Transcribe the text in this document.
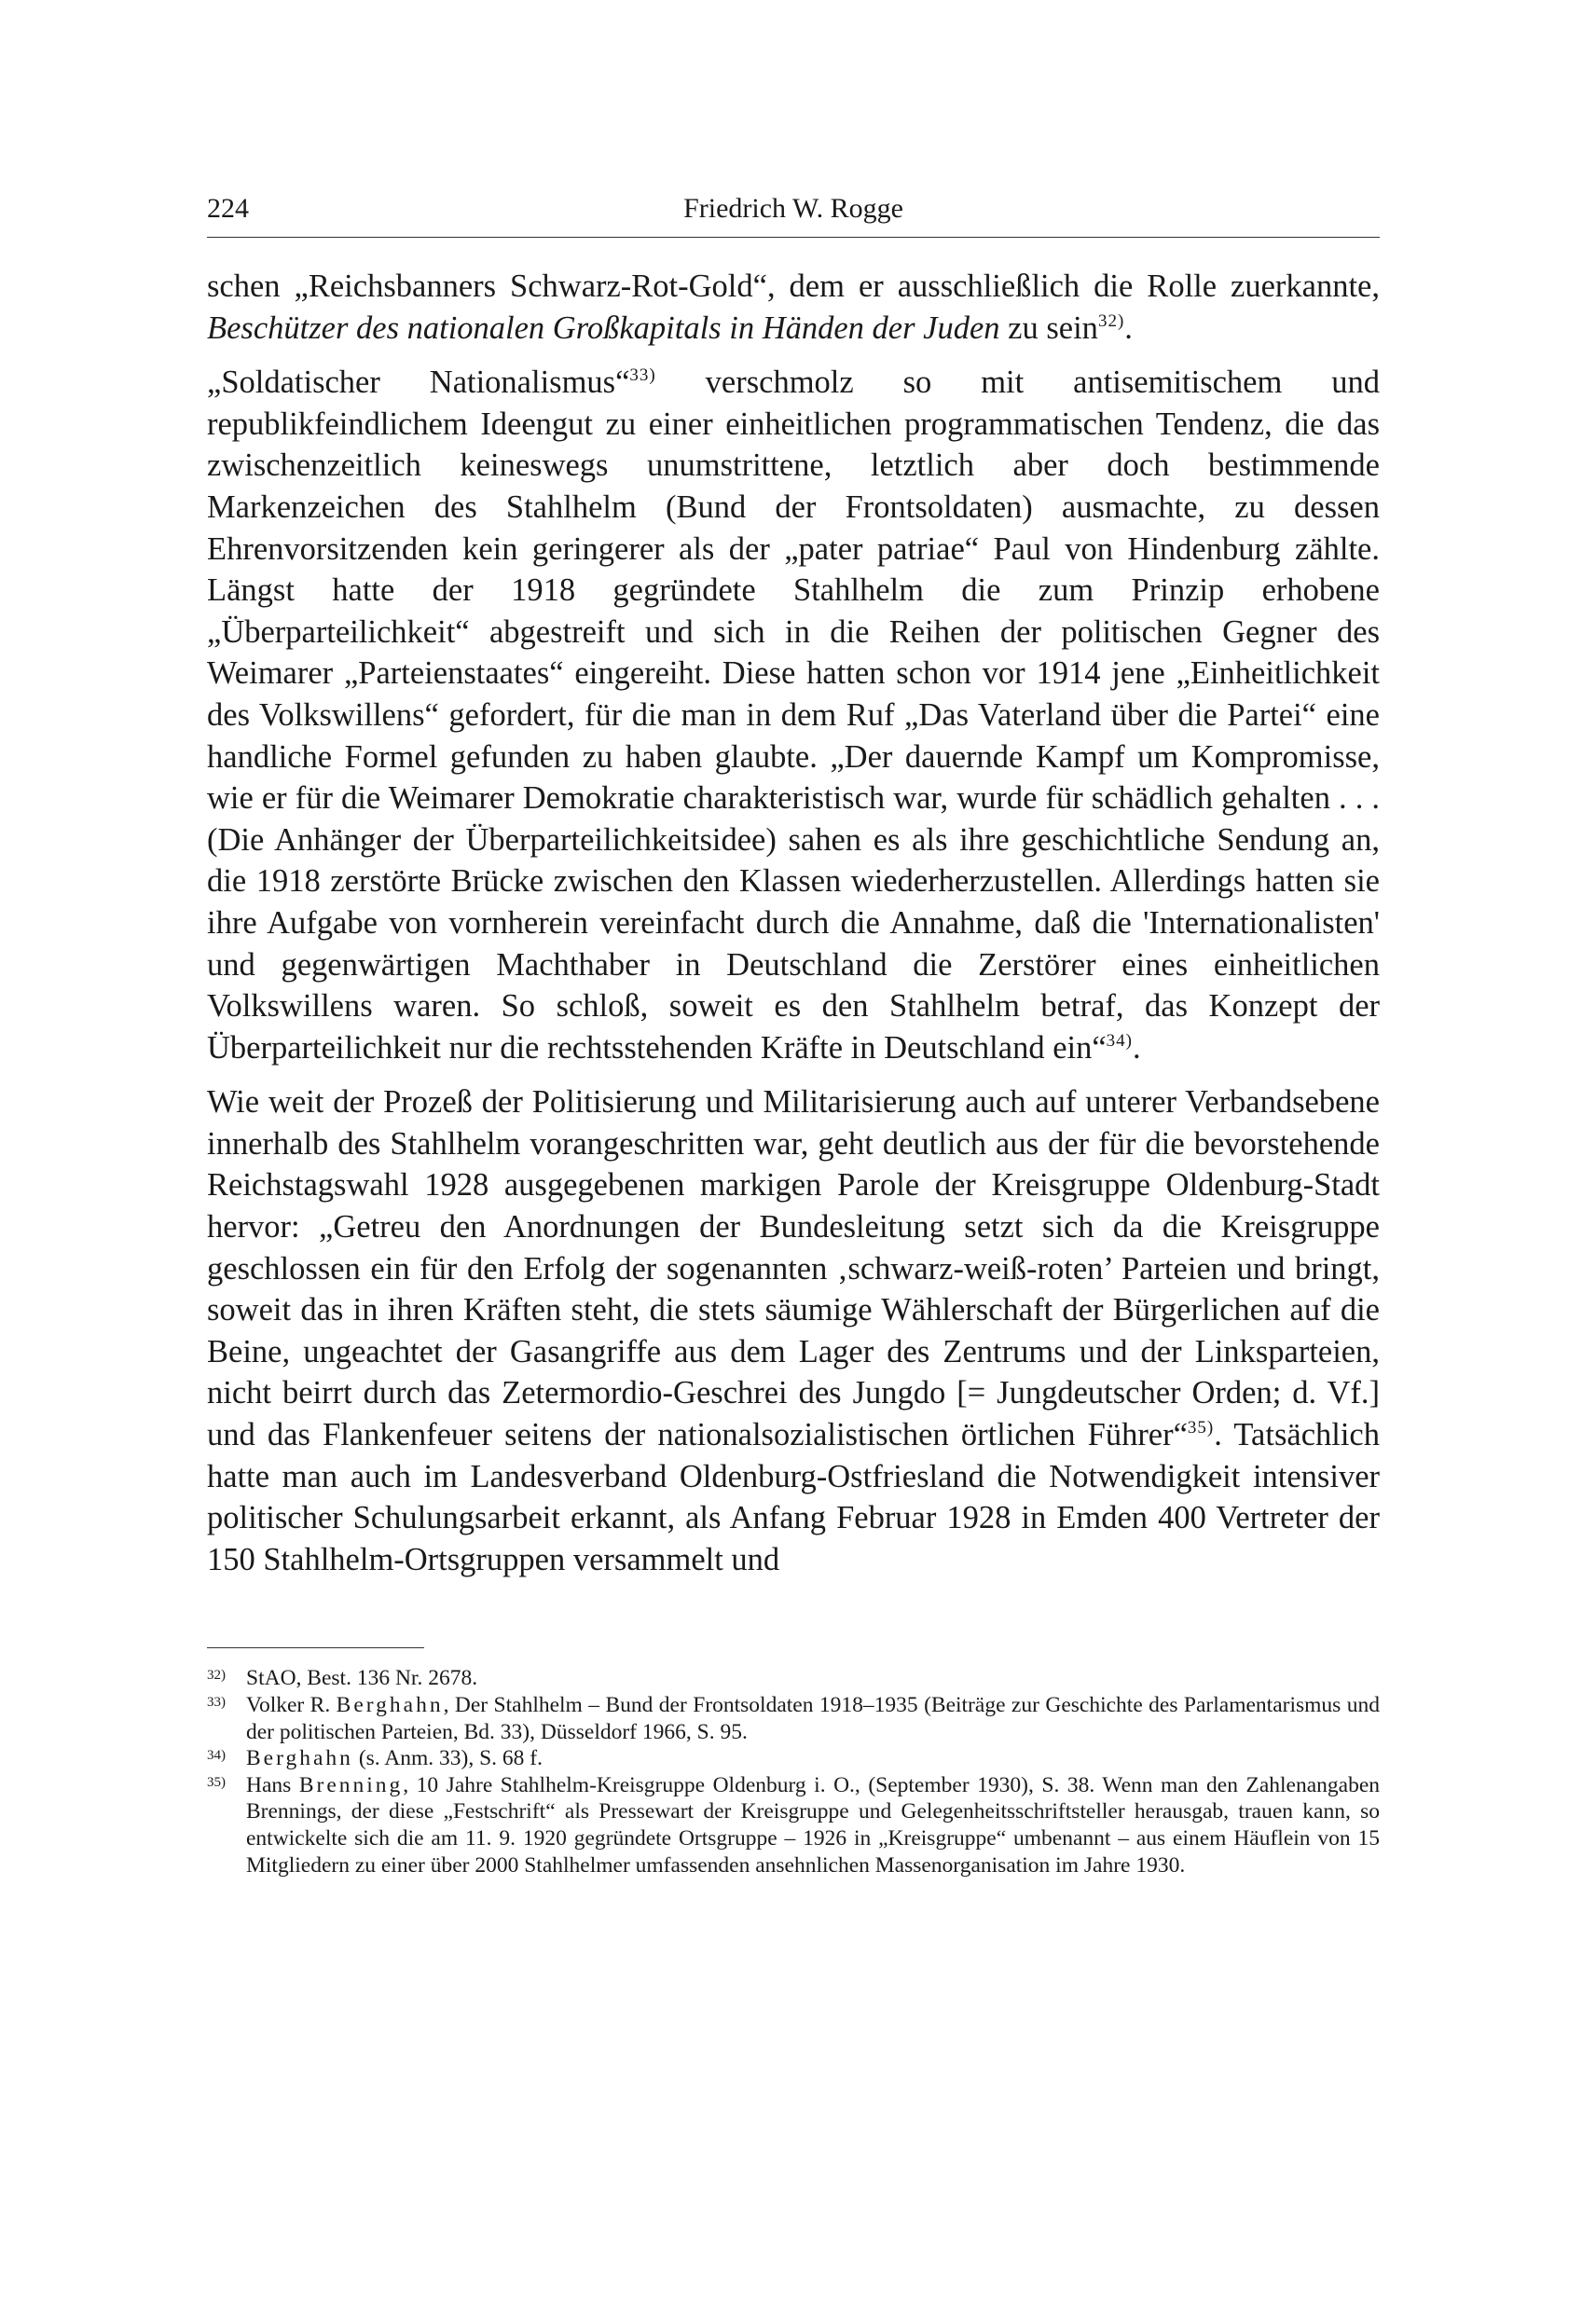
224	Friedrich W. Rogge

schen „Reichsbanners Schwarz-Rot-Gold“, dem er ausschließlich die Rolle zuerkannte, Beschützer des nationalen Großkapitals in Händen der Juden zu sein$^{32)}$.

„Soldatischer Nationalismus“$^{33)}$ verschmolz so mit antisemitischem und republikfeindlichem Ideengut zu einer einheitlichen programmatischen Tendenz, die das zwischenzeitlich keineswegs unumstrittene, letztlich aber doch bestimmende Markenzeichen des Stahlhelm (Bund der Frontsoldaten) ausmachte, zu dessen Ehrenvorsitzenden kein geringerer als der „pater patriae“ Paul von Hindenburg zählte. Längst hatte der 1918 gegründete Stahlhelm die zum Prinzip erhobene „Überparteilichkeit“ abgestreift und sich in die Reihen der politischen Gegner des Weimarer „Parteienstaates“ eingereiht. Diese hatten schon vor 1914 jene „Einheitlichkeit des Volkswillens“ gefordert, für die man in dem Ruf „Das Vaterland über die Partei“ eine handliche Formel gefunden zu haben glaubte. „Der dauernde Kampf um Kompromisse, wie er für die Weimarer Demokratie charakteristisch war, wurde für schädlich gehalten . . . (Die Anhänger der Überparteilichkeitsidee) sahen es als ihre geschichtliche Sendung an, die 1918 zerstörte Brücke zwischen den Klassen wiederherzustellen. Allerdings hatten sie ihre Aufgabe von vornherein vereinfacht durch die Annahme, daß die 'Internationalisten' und gegenwärtigen Machthaber in Deutschland die Zerstörer eines einheitlichen Volkswillens waren. So schloß, soweit es den Stahlhelm betraf, das Konzept der Überparteilichkeit nur die rechtsstehenden Kräfte in Deutschland ein“$^{34)}$.

Wie weit der Prozeß der Politisierung und Militarisierung auch auf unterer Verbandsebene innerhalb des Stahlhelm vorangeschritten war, geht deutlich aus der für die bevorstehende Reichstagswahl 1928 ausgegebenen markigen Parole der Kreisgruppe Oldenburg-Stadt hervor: „Getreu den Anordnungen der Bundesleitung setzt sich da die Kreisgruppe geschlossen ein für den Erfolg der sogenannten ‚schwarz-weiß-roten’ Parteien und bringt, soweit das in ihren Kräften steht, die stets säumige Wählerschaft der Bürgerlichen auf die Beine, ungeachtet der Gasangriffe aus dem Lager des Zentrums und der Linksparteien, nicht beirrt durch das Zetermordio-Geschrei des Jungdo [= Jungdeutscher Orden; d. Vf.] und das Flankenfeuer seitens der nationalsozialistischen örtlichen Führer“$^{35)}$. Tatsächlich hatte man auch im Landesverband Oldenburg-Ostfriesland die Notwendigkeit intensiver politischer Schulungsarbeit erkannt, als Anfang Februar 1928 in Emden 400 Vertreter der 150 Stahlhelm-Ortsgruppen versammelt und

$^{32)}$ StAO, Best. 136 Nr. 2678.
$^{33)}$ Volker R. Berghahn, Der Stahlhelm – Bund der Frontsoldaten 1918–1935 (Beiträge zur Geschichte des Parlamentarismus und der politischen Parteien, Bd. 33), Düsseldorf 1966, S. 95.
$^{34)}$ Berghahn (s. Anm. 33), S. 68 f.
$^{35)}$ Hans Brenning, 10 Jahre Stahlhelm-Kreisgruppe Oldenburg i. O., (September 1930), S. 38. Wenn man den Zahlenangaben Brennings, der diese „Festschrift“ als Pressewart der Kreisgruppe und Gelegenheitsschriftsteller herausgab, trauen kann, so entwickelte sich die am 11. 9. 1920 gegründete Ortsgruppe – 1926 in „Kreisgruppe“ umbenannt – aus einem Häuflein von 15 Mitgliedern zu einer über 2000 Stahlhelmer umfassenden ansehnlichen Massenorganisation im Jahre 1930.
